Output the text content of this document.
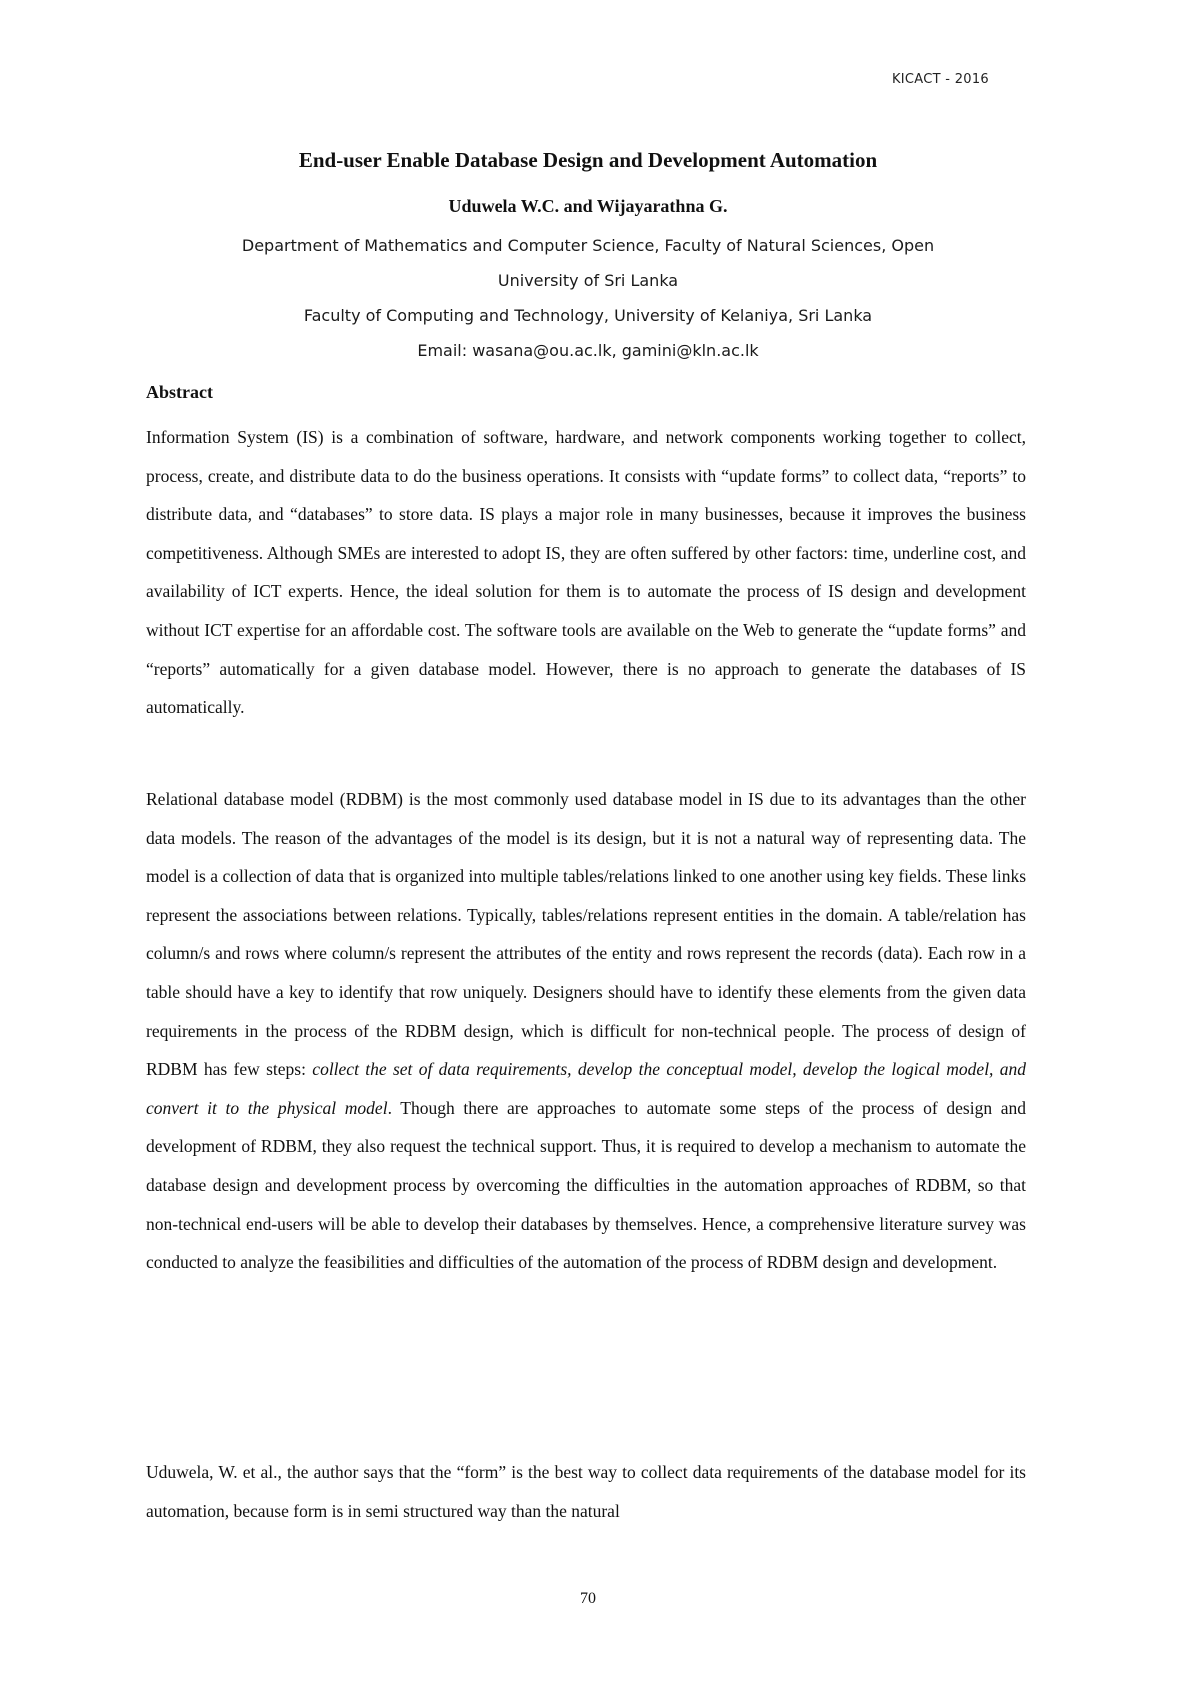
KICACT - 2016
End-user Enable Database Design and Development Automation

Uduwela W.C. and Wijayarathna G.

Department of Mathematics and Computer Science, Faculty of Natural Sciences, Open

University of Sri Lanka

Faculty of Computing and Technology, University of Kelaniya, Sri Lanka

Email: wasana@ou.ac.lk, gamini@kln.ac.lk

Abstract

Information System (IS) is a combination of software, hardware, and network components working together to collect, process, create, and distribute data to do the business operations. It consists with “update forms” to collect data, “reports” to distribute data, and “databases” to store data. IS plays a major role in many businesses, because it improves the business competitiveness. Although SMEs are interested to adopt IS, they are often suffered by other factors: time, underline cost, and availability of ICT experts. Hence, the ideal solution for them is to automate the process of IS design and development without ICT expertise for an affordable cost. The software tools are available on the Web to generate the “update forms” and “reports” automatically for a given database model. However, there is no approach to generate the databases of IS automatically.

Relational database model (RDBM) is the most commonly used database model in IS due to its advantages than the other data models. The reason of the advantages of the model is its design, but it is not a natural way of representing data. The model is a collection of data that is organized into multiple tables/relations linked to one another using key fields. These links represent the associations between relations. Typically, tables/relations represent entities in the domain. A table/relation has column/s and rows where column/s represent the attributes of the entity and rows represent the records (data). Each row in a table should have a key to identify that row uniquely. Designers should have to identify these elements from the given data requirements in the process of the RDBM design, which is difficult for non-technical people. The process of design of RDBM has few steps: collect the set of data requirements, develop the conceptual model, develop the logical model, and convert it to the physical model. Though there are approaches to automate some steps of the process of design and development of RDBM, they also request the technical support. Thus, it is required to develop a mechanism to automate the database design and development process by overcoming the difficulties in the automation approaches of RDBM, so that non-technical end-users will be able to develop their databases by themselves. Hence, a comprehensive literature survey was conducted to analyze the feasibilities and difficulties of the automation of the process of RDBM design and development.

Uduwela, W. et al., the author says that the “form” is the best way to collect data requirements of the database model for its automation, because form is in semi structured way than the natural

70
